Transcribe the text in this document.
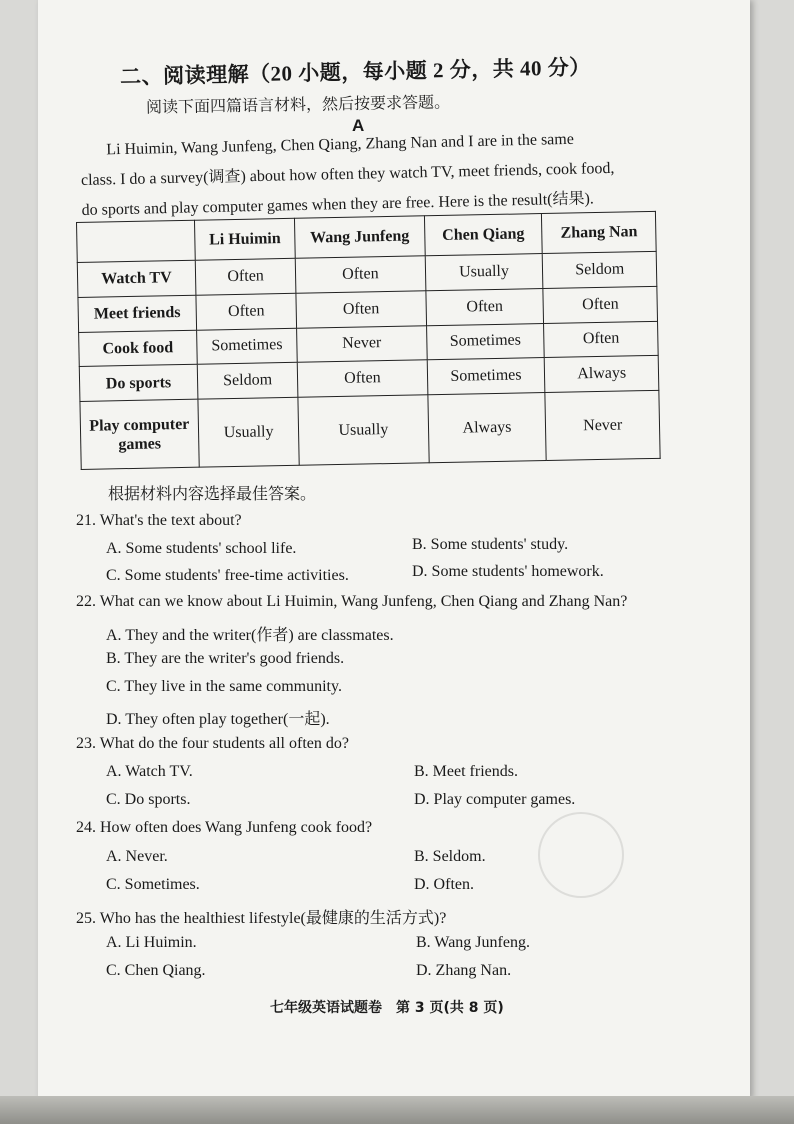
二、阅读理解（20 小题，每小题 2 分，共 40 分）
阅读下面四篇语言材料，然后按要求答题。
A
Li Huimin, Wang Junfeng, Chen Qiang, Zhang Nan and I are in the same
class. I do a survey(调查) about how often they watch TV, meet friends, cook food,
do sports and play computer games when they are free. Here is the result(结果).
	Li Huimin	Wang Junfeng	Chen Qiang	Zhang Nan
Watch TV	Often	Often	Usually	Seldom
Meet friends	Often	Often	Often	Often
Cook food	Sometimes	Never	Sometimes	Often
Do sports	Seldom	Often	Sometimes	Always
Play computer games	Usually	Usually	Always	Never
根据材料内容选择最佳答案。
21. What's the text about?
A. Some students' school life.	B. Some students' study.
C. Some students' free-time activities.	D. Some students' homework.
22. What can we know about Li Huimin, Wang Junfeng, Chen Qiang and Zhang Nan?
A. They and the writer(作者) are classmates.
B. They are the writer's good friends.
C. They live in the same community.
D. They often play together(一起).
23. What do the four students all often do?
A. Watch TV.	B. Meet friends.
C. Do sports.	D. Play computer games.
24. How often does Wang Junfeng cook food?
A. Never.	B. Seldom.
C. Sometimes.	D. Often.
25. Who has the healthiest lifestyle(最健康的生活方式)?
A. Li Huimin.	B. Wang Junfeng.
C. Chen Qiang.	D. Zhang Nan.
七年级英语试题卷　第 3 页(共 8 页)
